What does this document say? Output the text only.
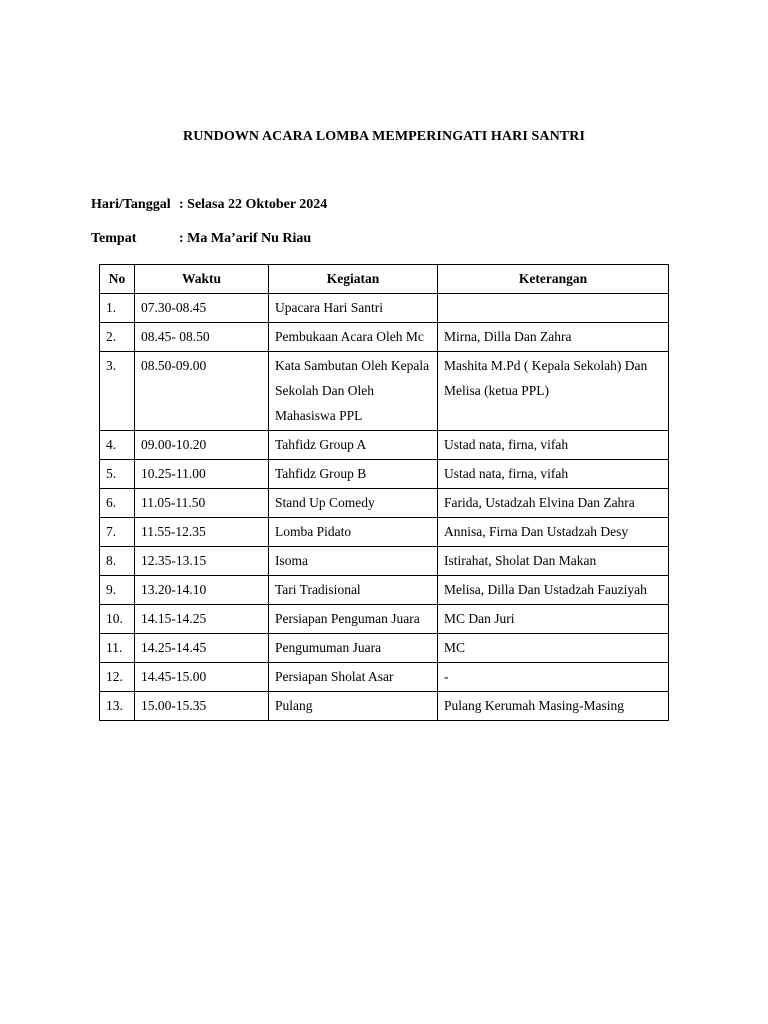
RUNDOWN ACARA LOMBA MEMPERINGATI HARI SANTRI
Hari/Tanggal : Selasa 22 Oktober 2024
Tempat	: Ma Ma’arif Nu Riau
No	Waktu	Kegiatan	Keterangan
1.	07.30-08.45	Upacara Hari Santri	
2.	08.45- 08.50	Pembukaan Acara Oleh Mc	Mirna, Dilla Dan Zahra
3.	08.50-09.00	Kata Sambutan Oleh Kepala Sekolah Dan Oleh Mahasiswa PPL	Mashita M.Pd ( Kepala Sekolah) Dan Melisa (ketua PPL)
4.	09.00-10.20	Tahfidz Group A	Ustad nata, firna, vifah
5.	10.25-11.00	Tahfidz Group B	Ustad nata, firna, vifah
6.	11.05-11.50	Stand Up Comedy	Farida, Ustadzah Elvina Dan Zahra
7.	11.55-12.35	Lomba Pidato	Annisa, Firna Dan Ustadzah Desy
8.	12.35-13.15	Isoma	Istirahat, Sholat Dan Makan
9.	13.20-14.10	Tari Tradisional	Melisa, Dilla Dan Ustadzah Fauziyah
10.	14.15-14.25	Persiapan Penguman Juara	MC Dan Juri
11.	14.25-14.45	Pengumuman Juara	MC
12.	14.45-15.00	Persiapan Sholat Asar	-
13.	15.00-15.35	Pulang	Pulang Kerumah Masing-Masing
